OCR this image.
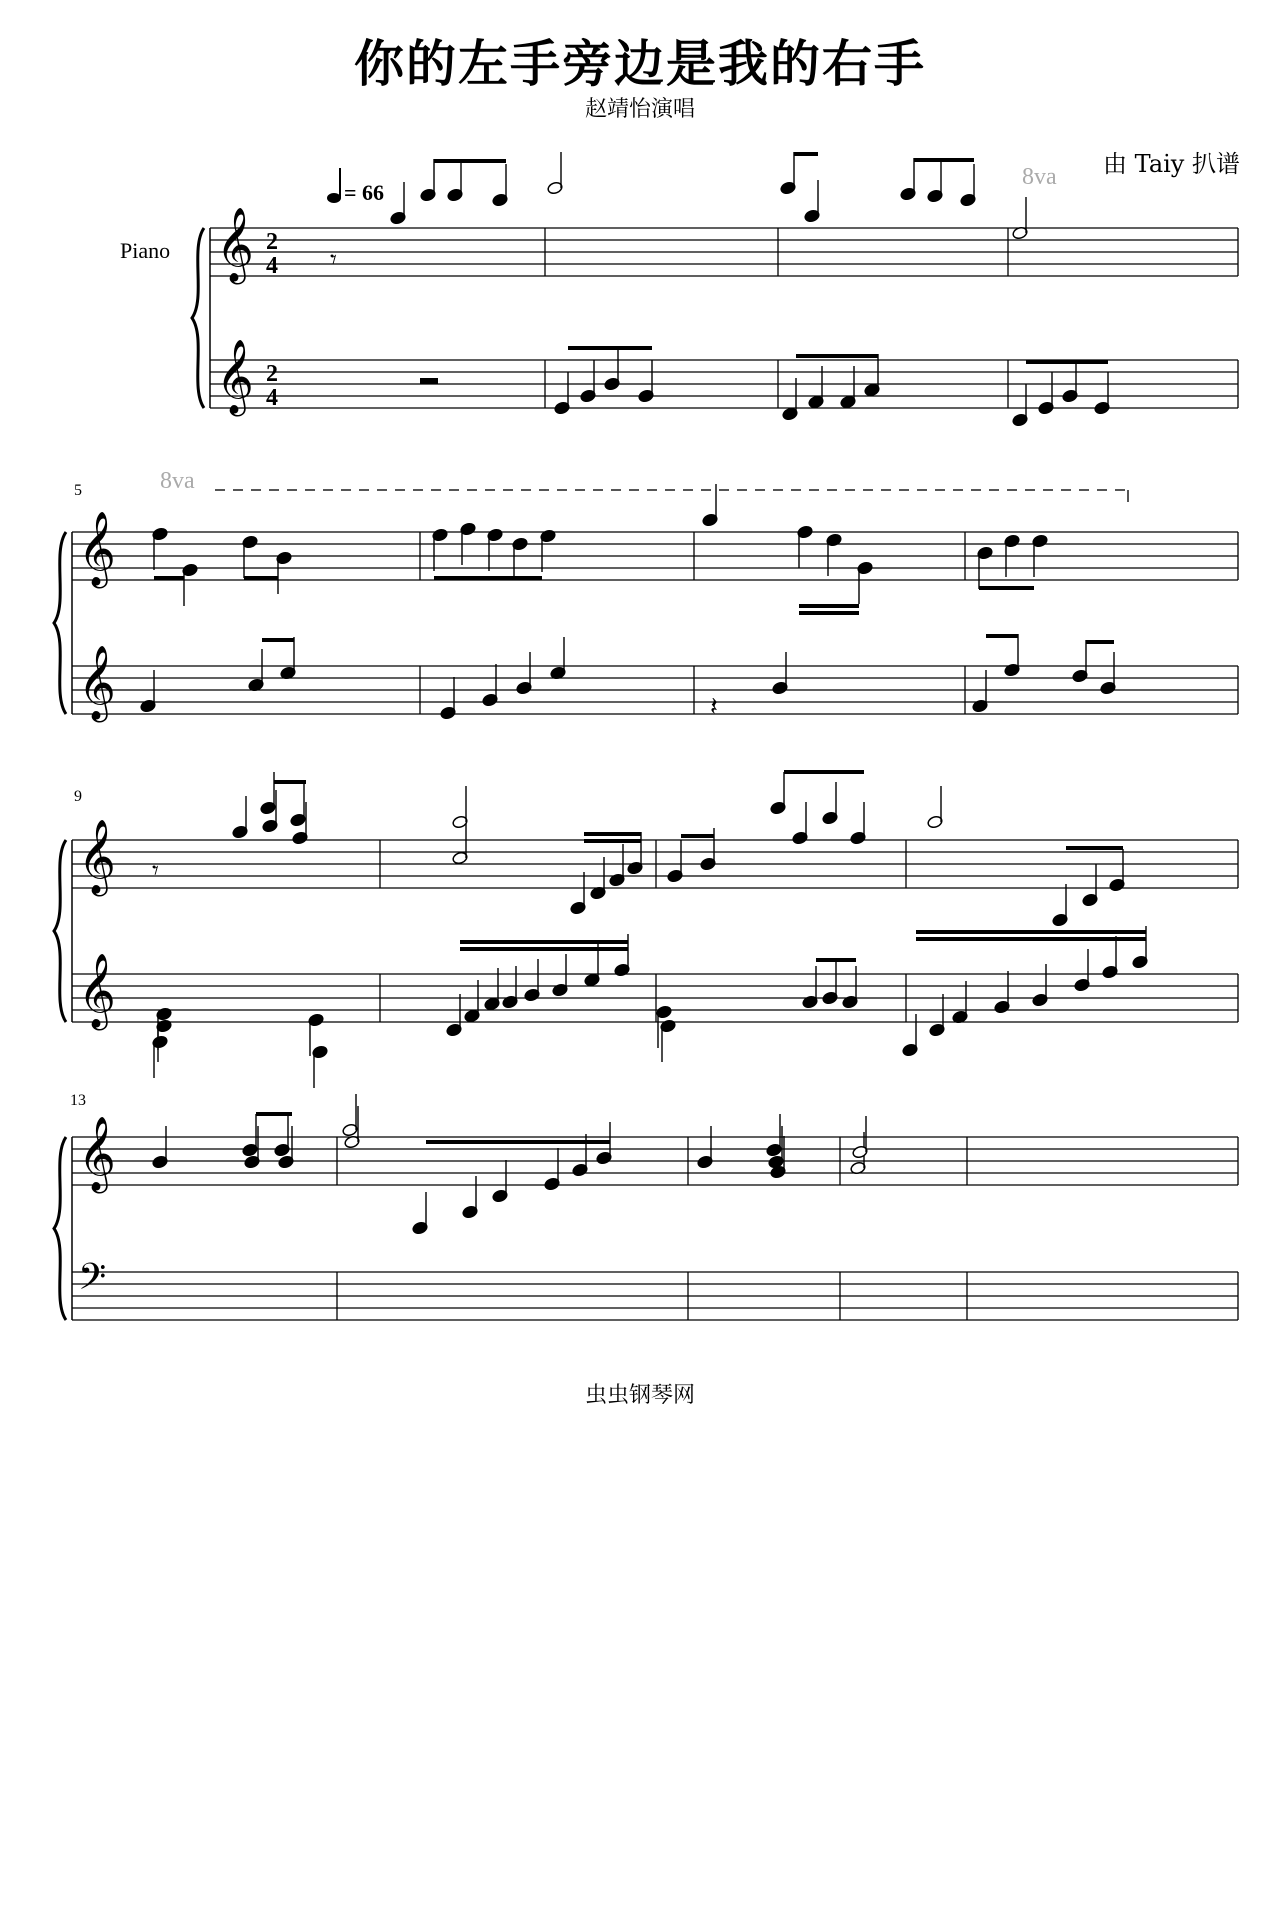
你的左手旁边是我的右手
赵靖怡演唱
由 Taiy 扒谱
Piano
5
9
13
虫虫钢琴网
= 66
8va
8va
𝄞
𝄞
2
4
2
4
𝄞
𝄞
𝄞
𝄞
𝄞
𝄢
𝄾
𝄽
𝄾
